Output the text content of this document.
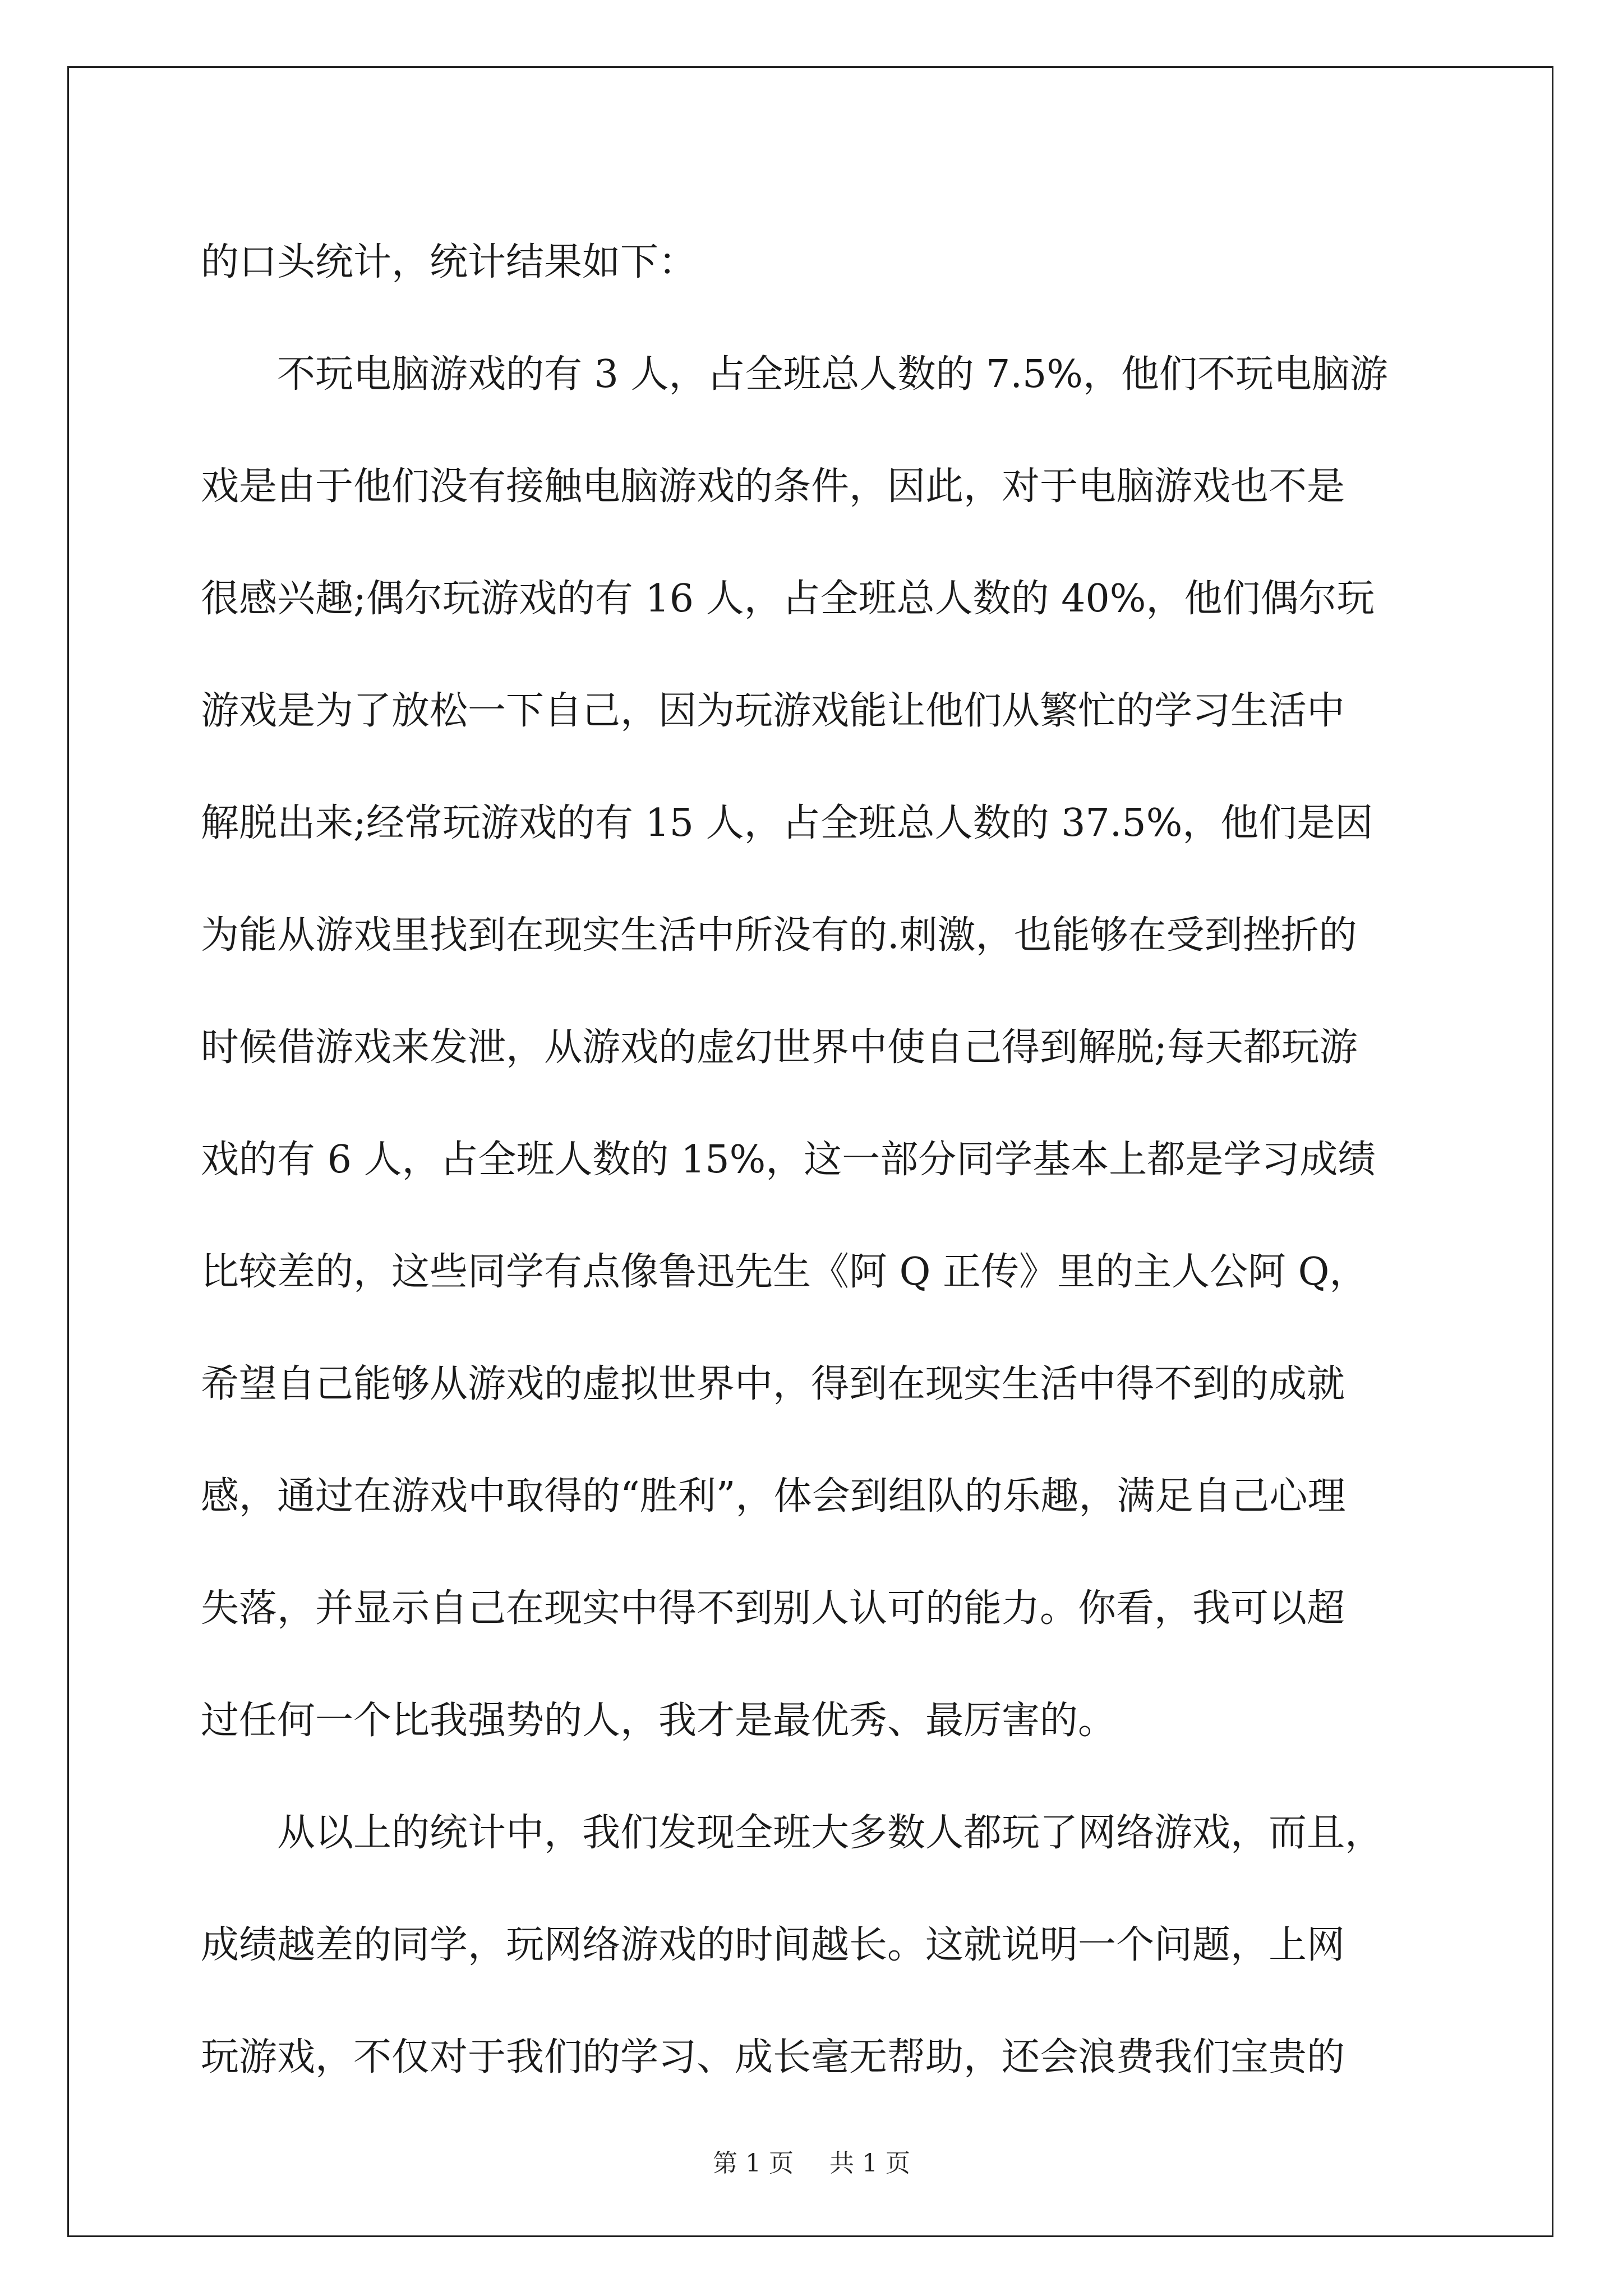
的口头统计，统计结果如下：
不玩电脑游戏的有 3 人，占全班总人数的 7.5%，他们不玩电脑游
戏是由于他们没有接触电脑游戏的条件，因此，对于电脑游戏也不是
很感兴趣;偶尔玩游戏的有 16 人，占全班总人数的 40%，他们偶尔玩
游戏是为了放松一下自己，因为玩游戏能让他们从繁忙的学习生活中
解脱出来;经常玩游戏的有 15 人，占全班总人数的 37.5%，他们是因
为能从游戏里找到在现实生活中所没有的.刺激，也能够在受到挫折的
时候借游戏来发泄，从游戏的虚幻世界中使自己得到解脱;每天都玩游
戏的有 6 人，占全班人数的 15%，这一部分同学基本上都是学习成绩
比较差的，这些同学有点像鲁迅先生《阿 Q 正传》里的主人公阿 Q，
希望自己能够从游戏的虚拟世界中，得到在现实生活中得不到的成就
感，通过在游戏中取得的“胜利”，体会到组队的乐趣，满足自己心理
失落，并显示自己在现实中得不到别人认可的能力。你看，我可以超
过任何一个比我强势的人，我才是最优秀、最厉害的。
从以上的统计中，我们发现全班大多数人都玩了网络游戏，而且，
成绩越差的同学，玩网络游戏的时间越长。这就说明一个问题，上网
玩游戏，不仅对于我们的学习、成长毫无帮助，还会浪费我们宝贵的
第 1 页 共 1 页
